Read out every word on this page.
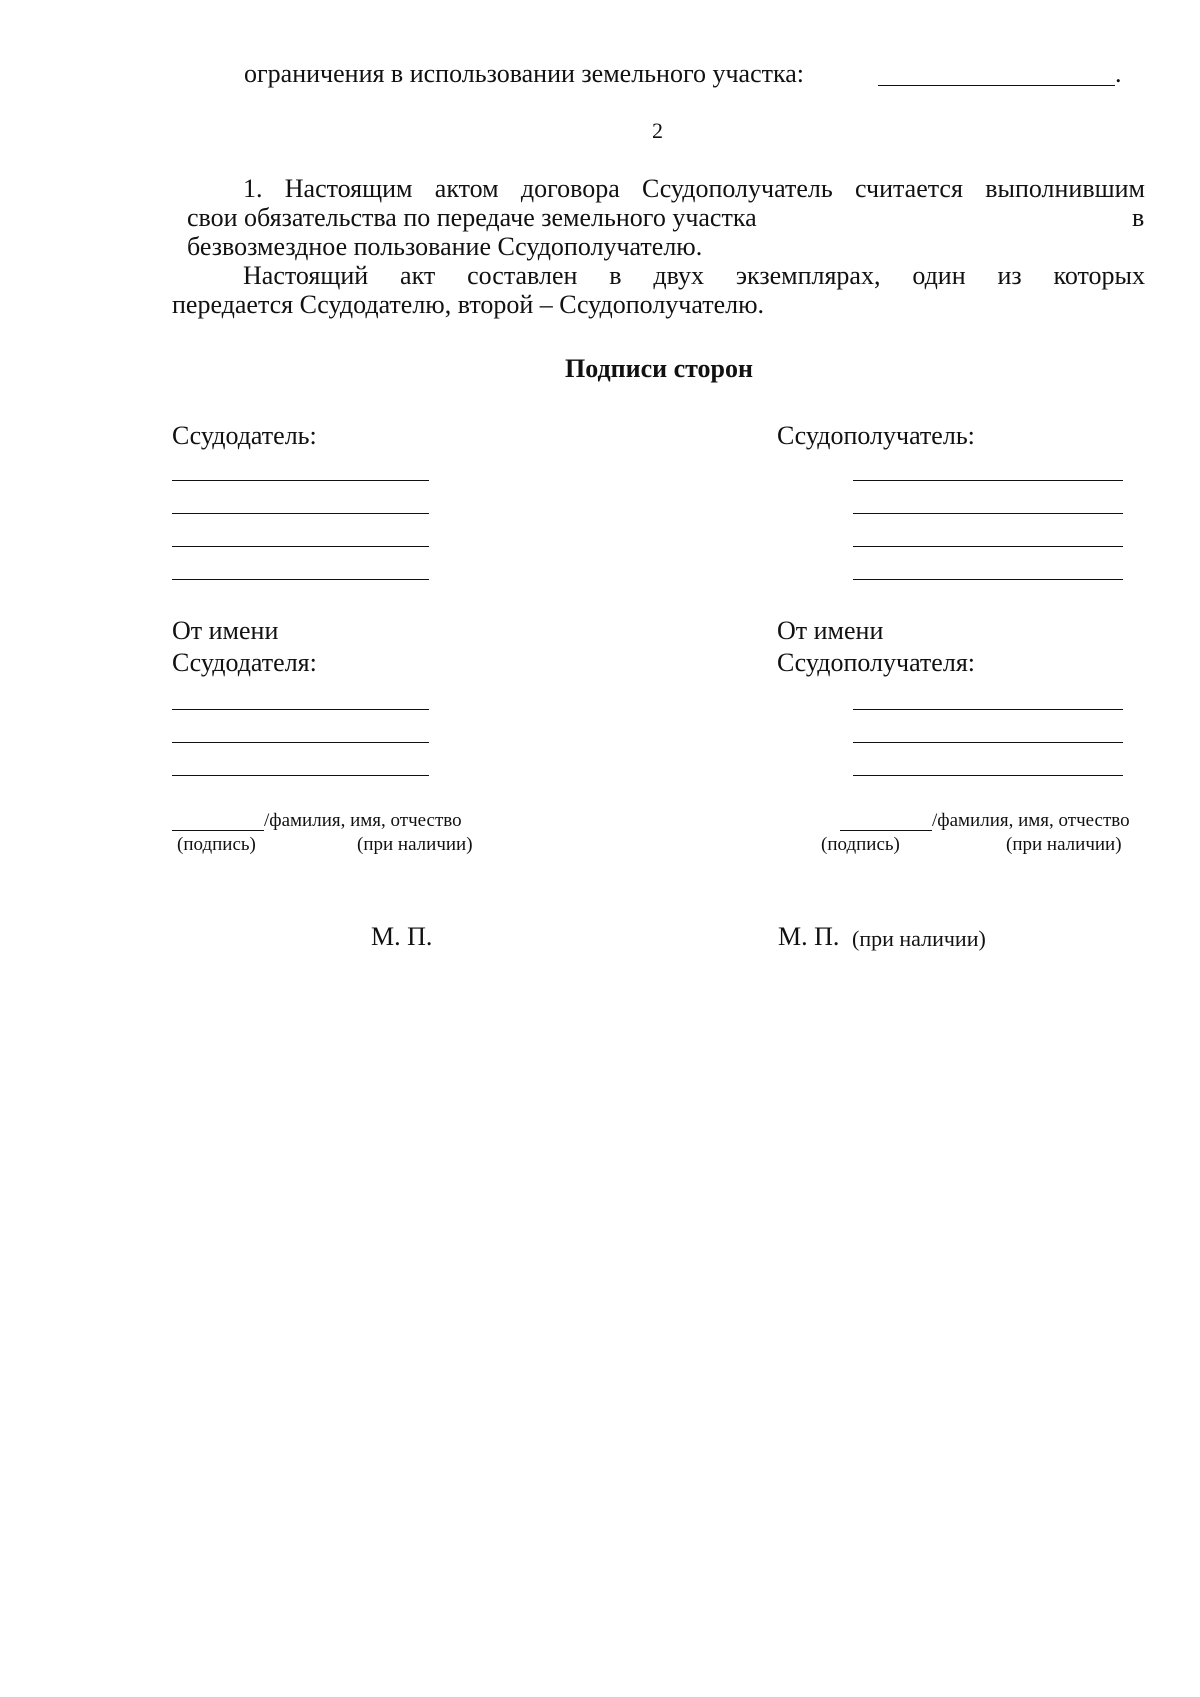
ограничения в использовании земельного участка:	.
2
1. Настоящим актом договора Ссудополучатель считается выполнившим
свои обязательства по передаче земельного участка	в
безвозмездное пользование Ссудополучателю.
Настоящий акт составлен в двух экземплярах, один из которых
передается Ссудодателю, второй – Ссудополучателю.
Подписи сторон
Ссудодатель:
От имени
Ссудодателя:
/фамилия, имя, отчество
(подпись)	(при наличии)
М. П.
Ссудополучатель:
От имени
Ссудополучателя:
/фамилия, имя, отчество
(подпись)	(при наличии)
М. П. (при наличии)
